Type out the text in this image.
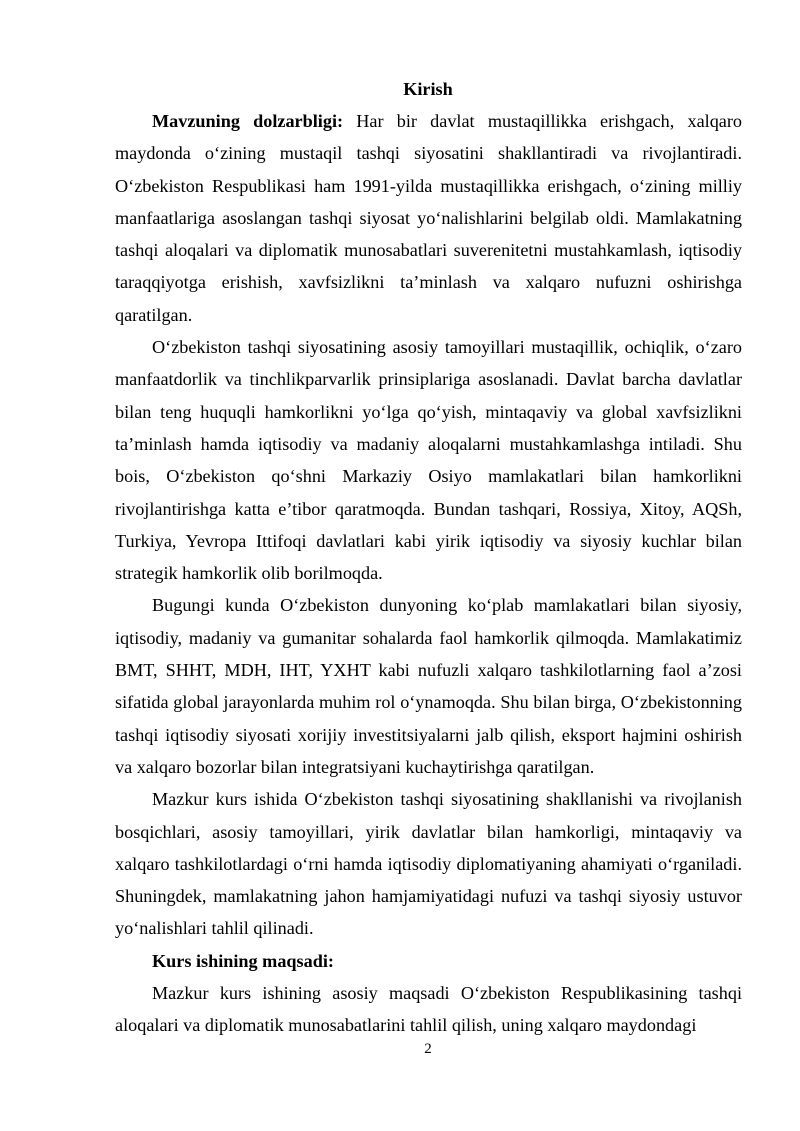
Kirish

Mavzuning dolzarbligi: Har bir davlat mustaqillikka erishgach, xalqaro maydonda o‘zining mustaqil tashqi siyosatini shakllantiradi va rivojlantiradi. O‘zbekiston Respublikasi ham 1991-yilda mustaqillikka erishgach, o‘zining milliy manfaatlariga asoslangan tashqi siyosat yo‘nalishlarini belgilab oldi. Mamlakatning tashqi aloqalari va diplomatik munosabatlari suverenitetni mustahkamlash, iqtisodiy taraqqiyotga erishish, xavfsizlikni ta’minlash va xalqaro nufuzni oshirishga qaratilgan.

O‘zbekiston tashqi siyosatining asosiy tamoyillari mustaqillik, ochiqlik, o‘zaro manfaatdorlik va tinchlikparvarlik prinsiplariga asoslanadi. Davlat barcha davlatlar bilan teng huquqli hamkorlikni yo‘lga qo‘yish, mintaqaviy va global xavfsizlikni ta’minlash hamda iqtisodiy va madaniy aloqalarni mustahkamlashga intiladi. Shu bois, O‘zbekiston qo‘shni Markaziy Osiyo mamlakatlari bilan hamkorlikni rivojlantirishga katta e’tibor qaratmoqda. Bundan tashqari, Rossiya, Xitoy, AQSh, Turkiya, Yevropa Ittifoqi davlatlari kabi yirik iqtisodiy va siyosiy kuchlar bilan strategik hamkorlik olib borilmoqda.

Bugungi kunda O‘zbekiston dunyoning ko‘plab mamlakatlari bilan siyosiy, iqtisodiy, madaniy va gumanitar sohalarda faol hamkorlik qilmoqda. Mamlakatimiz BMT, SHHT, MDH, IHT, YXHT kabi nufuzli xalqaro tashkilotlarning faol a’zosi sifatida global jarayonlarda muhim rol o‘ynamoqda. Shu bilan birga, O‘zbekistonning tashqi iqtisodiy siyosati xorijiy investitsiyalarni jalb qilish, eksport hajmini oshirish va xalqaro bozorlar bilan integratsiyani kuchaytirishga qaratilgan.

Mazkur kurs ishida O‘zbekiston tashqi siyosatining shakllanishi va rivojlanish bosqichlari, asosiy tamoyillari, yirik davlatlar bilan hamkorligi, mintaqaviy va xalqaro tashkilotlardagi o‘rni hamda iqtisodiy diplomatiyaning ahamiyati o‘rganiladi. Shuningdek, mamlakatning jahon hamjamiyatidagi nufuzi va tashqi siyosiy ustuvor yo‘nalishlari tahlil qilinadi.

Kurs ishining maqsadi:

Mazkur kurs ishining asosiy maqsadi O‘zbekiston Respublikasining tashqi aloqalari va diplomatik munosabatlarini tahlil qilish, uning xalqaro maydondagi

2
